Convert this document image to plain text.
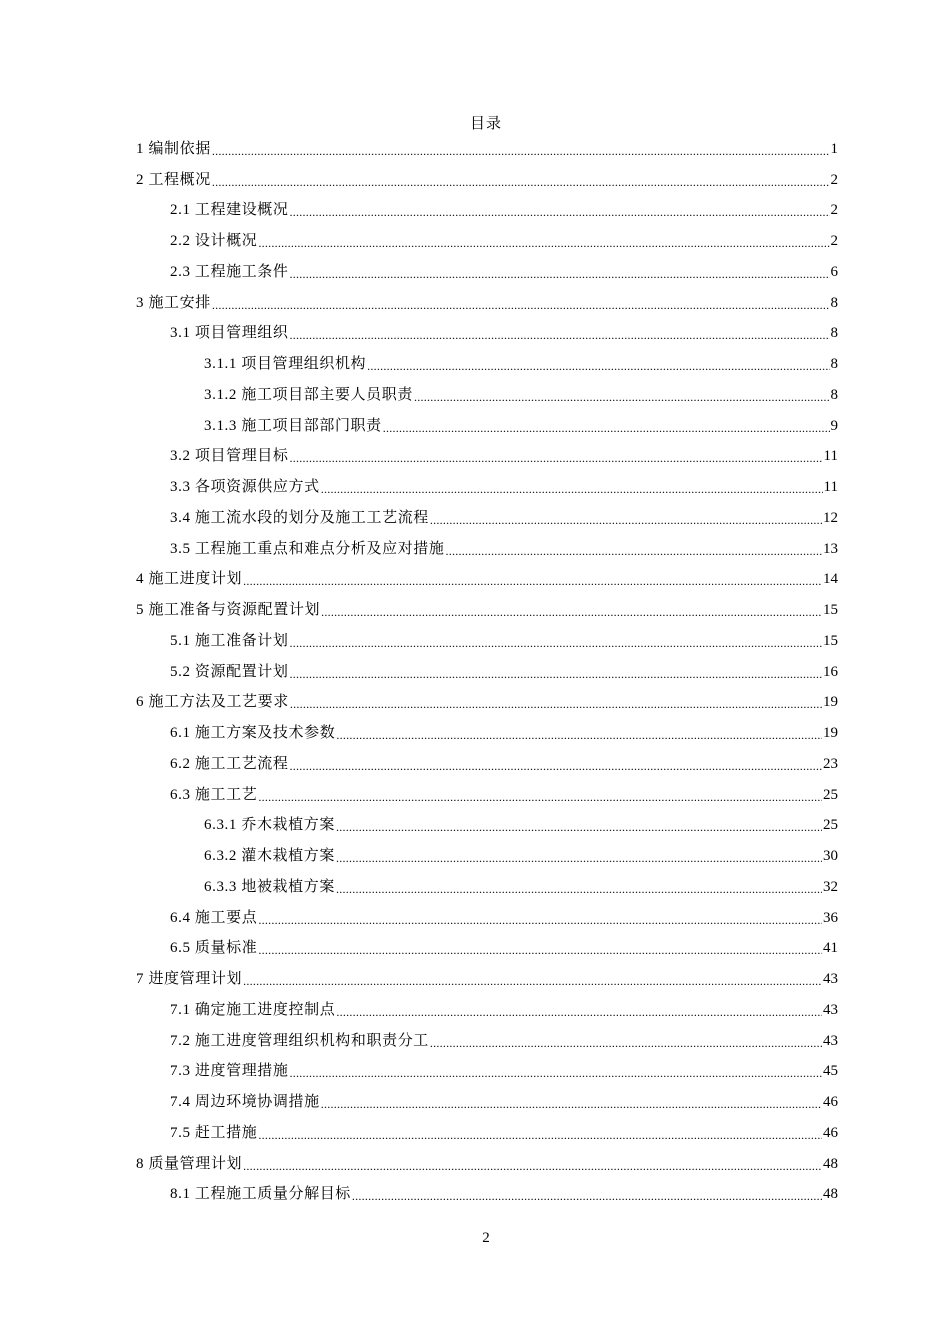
目录
1 编制依据 .....	1
2 工程概况 .....	2
2.1 工程建设概况 .....	2
2.2 设计概况 .....	2
2.3 工程施工条件 .....	6
3 施工安排 .....	8
3.1 项目管理组织 .....	8
3.1.1 项目管理组织机构 .....	8
3.1.2 施工项目部主要人员职责 .....	8
3.1.3 施工项目部部门职责 .....	9
3.2 项目管理目标 .....	11
3.3 各项资源供应方式 .....	11
3.4 施工流水段的划分及施工工艺流程 .....	12
3.5 工程施工重点和难点分析及应对措施 .....	13
4 施工进度计划 .....	14
5 施工准备与资源配置计划 .....	15
5.1 施工准备计划 .....	15
5.2 资源配置计划 .....	16
6 施工方法及工艺要求 .....	19
6.1 施工方案及技术参数 .....	19
6.2 施工工艺流程 .....	23
6.3 施工工艺 .....	25
6.3.1 乔木栽植方案 .....	25
6.3.2 灌木栽植方案 .....	30
6.3.3 地被栽植方案 .....	32
6.4 施工要点 .....	36
6.5 质量标准 .....	41
7 进度管理计划 .....	43
7.1 确定施工进度控制点 .....	43
7.2 施工进度管理组织机构和职责分工 .....	43
7.3 进度管理措施 .....	45
7.4 周边环境协调措施 .....	46
7.5 赶工措施 .....	46
8 质量管理计划 .....	48
8.1 工程施工质量分解目标 .....	48
2
